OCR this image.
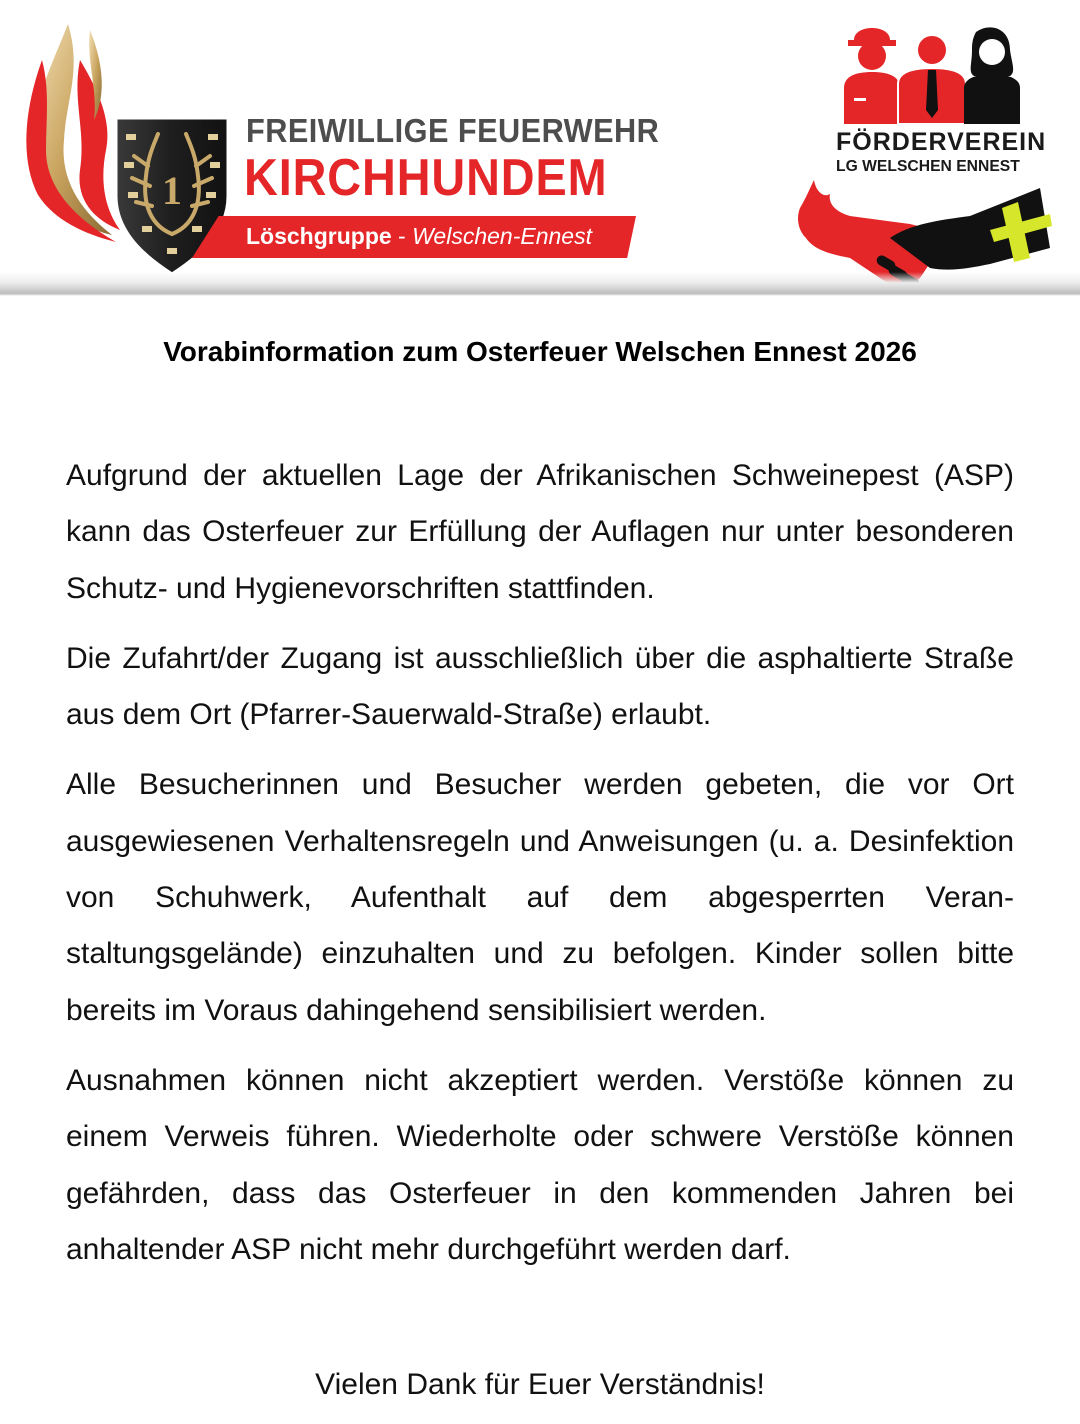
1
FREIWILLIGE FEUERWEHR
KIRCHHUNDEM
Löschgruppe - Welschen-Ennest
FÖRDERVEREIN
LG WELSCHEN ENNEST
Vorabinformation zum Osterfeuer Welschen Ennest 2026

Aufgrund der aktuellen Lage der Afrikanischen Schweinepest (ASP) kann das Osterfeuer zur Erfüllung der Auflagen nur unter besonderen Schutz- und Hygienevorschriften stattfinden.

Die Zufahrt/der Zugang ist ausschließlich über die asphaltierte Straße aus dem Ort (Pfarrer-Sauerwald-Straße) erlaubt.

Alle Besucherinnen und Besucher werden gebeten, die vor Ort ausgewiesenen Verhaltensregeln und Anweisungen (u. a. Desinfektion von Schuhwerk, Aufenthalt auf dem abgesperrten Veranstaltungsgelände) einzuhalten und zu befolgen. Kinder sollen bitte bereits im Voraus dahingehend sensibilisiert werden.

Ausnahmen können nicht akzeptiert werden. Verstöße können zu einem Verweis führen. Wiederholte oder schwere Verstöße können gefährden, dass das Osterfeuer in den kommenden Jahren bei anhaltender ASP nicht mehr durchgeführt werden darf.

Vielen Dank für Euer Verständnis!
